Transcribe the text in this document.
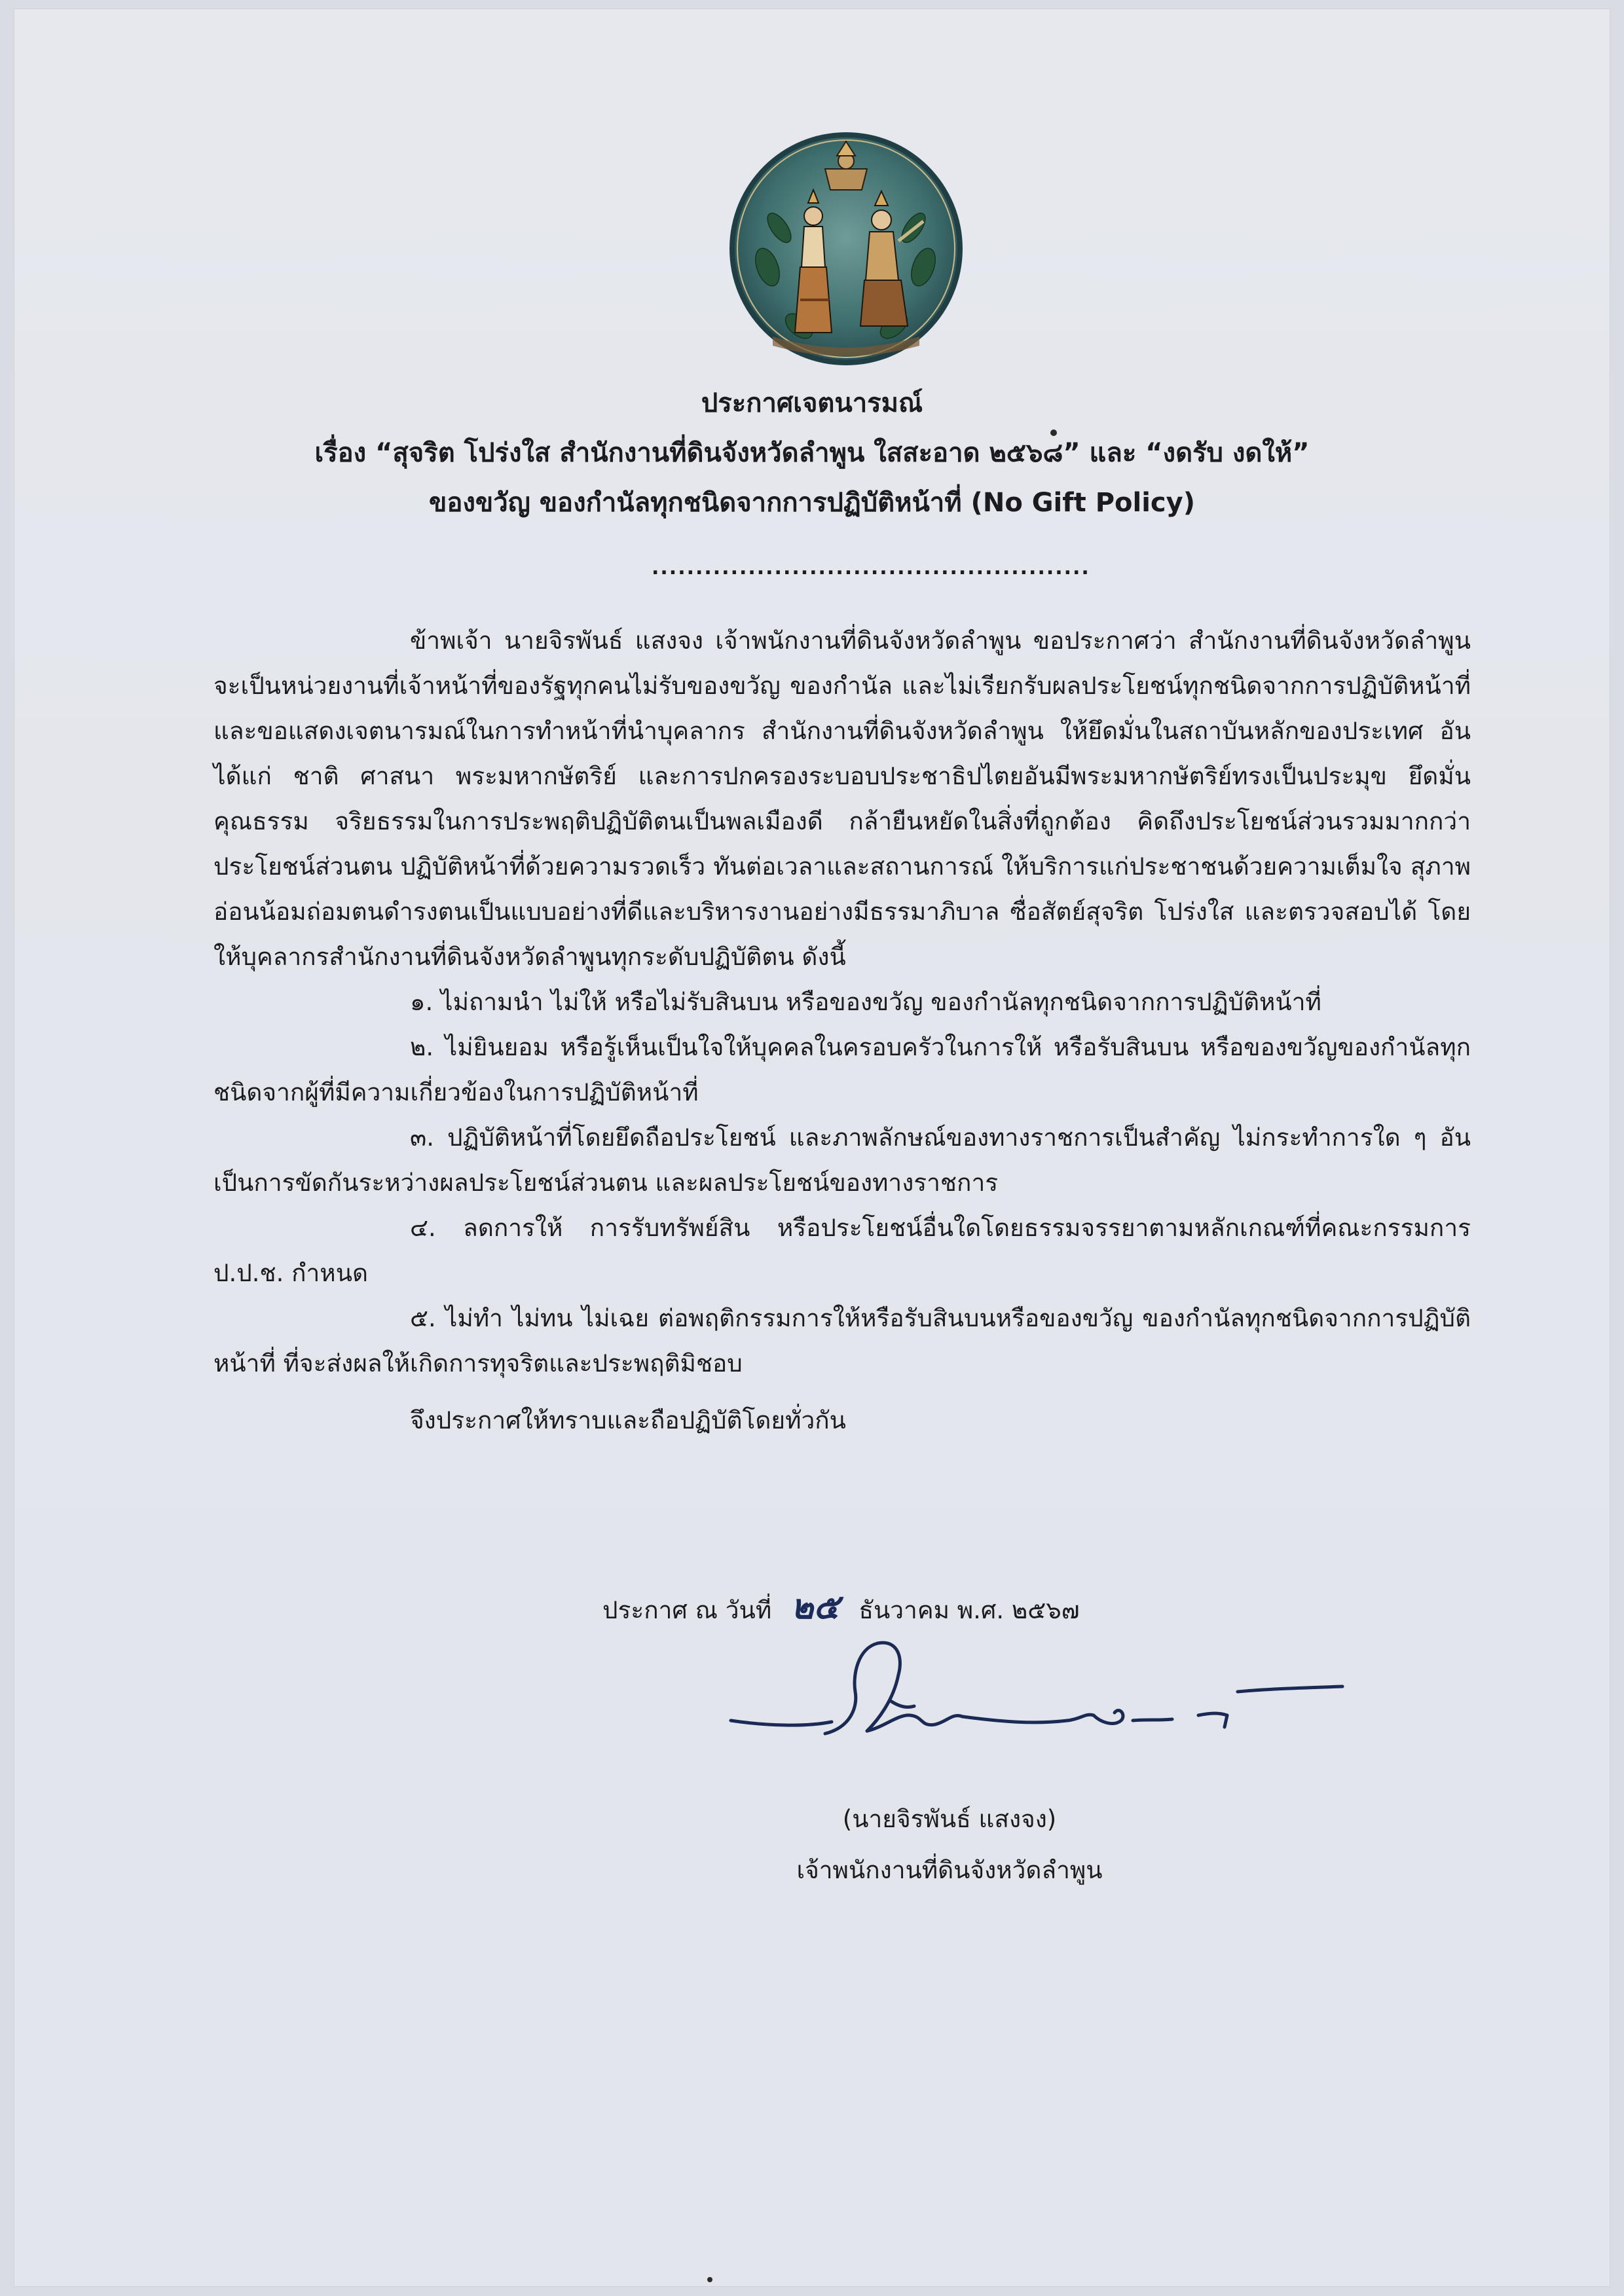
ประกาศเจตนารมณ์
เรื่อง “สุจริต โปร่งใส สำนักงานที่ดินจังหวัดลำพูน ใสสะอาด ๒๕๖๘” และ “งดรับ งดให้”
ของขวัญ ของกำนัลทุกชนิดจากการปฏิบัติหน้าที่ (No Gift Policy)
..................................................

ข้าพเจ้า นายจิรพันธ์ แสงจง เจ้าพนักงานที่ดินจังหวัดลำพูน ขอประกาศว่า สำนักงานที่ดินจังหวัดลำพูน จะเป็นหน่วยงานที่เจ้าหน้าที่ของรัฐทุกคนไม่รับของขวัญ ของกำนัล และไม่เรียกรับผลประโยชน์ทุกชนิดจากการปฏิบัติหน้าที่ และขอแสดงเจตนารมณ์ในการทำหน้าที่นำบุคลากร สำนักงานที่ดินจังหวัดลำพูน ให้ยึดมั่นในสถาบันหลักของประเทศ อันได้แก่ ชาติ ศาสนา พระมหากษัตริย์ และการปกครองระบอบประชาธิปไตยอันมีพระมหากษัตริย์ทรงเป็นประมุข ยึดมั่นคุณธรรม จริยธรรมในการประพฤติปฏิบัติตนเป็นพลเมืองดี กล้ายืนหยัดในสิ่งที่ถูกต้อง คิดถึงประโยชน์ส่วนรวมมากกว่าประโยชน์ส่วนตน ปฏิบัติหน้าที่ด้วยความรวดเร็ว ทันต่อเวลาและสถานการณ์ ให้บริการแก่ประชาชนด้วยความเต็มใจ สุภาพ อ่อนน้อมถ่อมตนดำรงตนเป็นแบบอย่างที่ดีและบริหารงานอย่างมีธรรมาภิบาล ซื่อสัตย์สุจริต โปร่งใส และตรวจสอบได้ โดยให้บุคลากรสำนักงานที่ดินจังหวัดลำพูนทุกระดับปฏิบัติตน ดังนี้

๑. ไม่ถามนำ ไม่ให้ หรือไม่รับสินบน หรือของขวัญ ของกำนัลทุกชนิดจากการปฏิบัติหน้าที่

๒. ไม่ยินยอม หรือรู้เห็นเป็นใจให้บุคคลในครอบครัวในการให้ หรือรับสินบน หรือของขวัญของกำนัลทุกชนิดจากผู้ที่มีความเกี่ยวข้องในการปฏิบัติหน้าที่

๓. ปฏิบัติหน้าที่โดยยึดถือประโยชน์ และภาพลักษณ์ของทางราชการเป็นสำคัญ ไม่กระทำการใด ๆ อันเป็นการขัดกันระหว่างผลประโยชน์ส่วนตน และผลประโยชน์ของทางราชการ

๔. ลดการให้ การรับทรัพย์สิน หรือประโยชน์อื่นใดโดยธรรมจรรยาตามหลักเกณฑ์ที่คณะกรรมการ ป.ป.ช. กำหนด

๕. ไม่ทำ ไม่ทน ไม่เฉย ต่อพฤติกรรมการให้หรือรับสินบนหรือของขวัญ ของกำนัลทุกชนิดจากการปฏิบัติหน้าที่ ที่จะส่งผลให้เกิดการทุจริตและประพฤติมิชอบ

จึงประกาศให้ทราบและถือปฏิบัติโดยทั่วกัน

ประกาศ ณ วันที่ ๒๕ ธันวาคม พ.ศ. ๒๕๖๗
(นายจิรพันธ์ แสงจง)
เจ้าพนักงานที่ดินจังหวัดลำพูน
